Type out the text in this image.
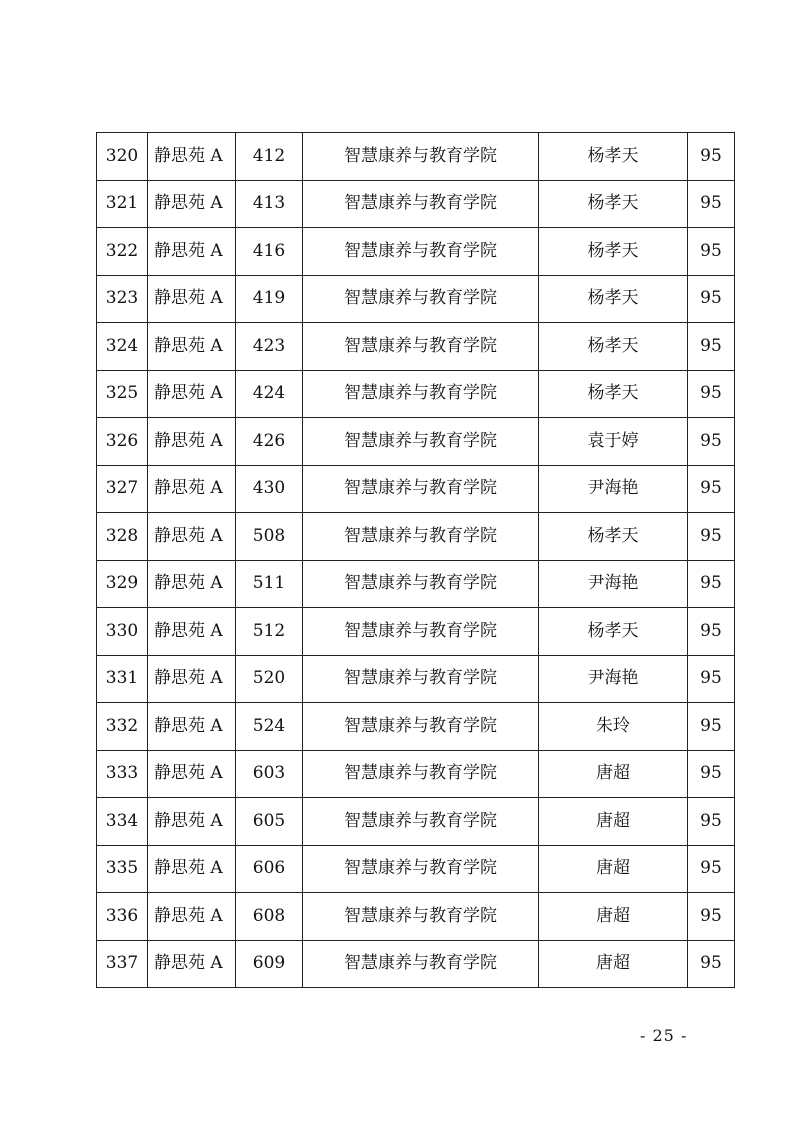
320	静思苑 A	412	智慧康养与教育学院	杨孝天	95
321	静思苑 A	413	智慧康养与教育学院	杨孝天	95
322	静思苑 A	416	智慧康养与教育学院	杨孝天	95
323	静思苑 A	419	智慧康养与教育学院	杨孝天	95
324	静思苑 A	423	智慧康养与教育学院	杨孝天	95
325	静思苑 A	424	智慧康养与教育学院	杨孝天	95
326	静思苑 A	426	智慧康养与教育学院	袁于婷	95
327	静思苑 A	430	智慧康养与教育学院	尹海艳	95
328	静思苑 A	508	智慧康养与教育学院	杨孝天	95
329	静思苑 A	511	智慧康养与教育学院	尹海艳	95
330	静思苑 A	512	智慧康养与教育学院	杨孝天	95
331	静思苑 A	520	智慧康养与教育学院	尹海艳	95
332	静思苑 A	524	智慧康养与教育学院	朱玲	95
333	静思苑 A	603	智慧康养与教育学院	唐超	95
334	静思苑 A	605	智慧康养与教育学院	唐超	95
335	静思苑 A	606	智慧康养与教育学院	唐超	95
336	静思苑 A	608	智慧康养与教育学院	唐超	95
337	静思苑 A	609	智慧康养与教育学院	唐超	95
- 25 -
